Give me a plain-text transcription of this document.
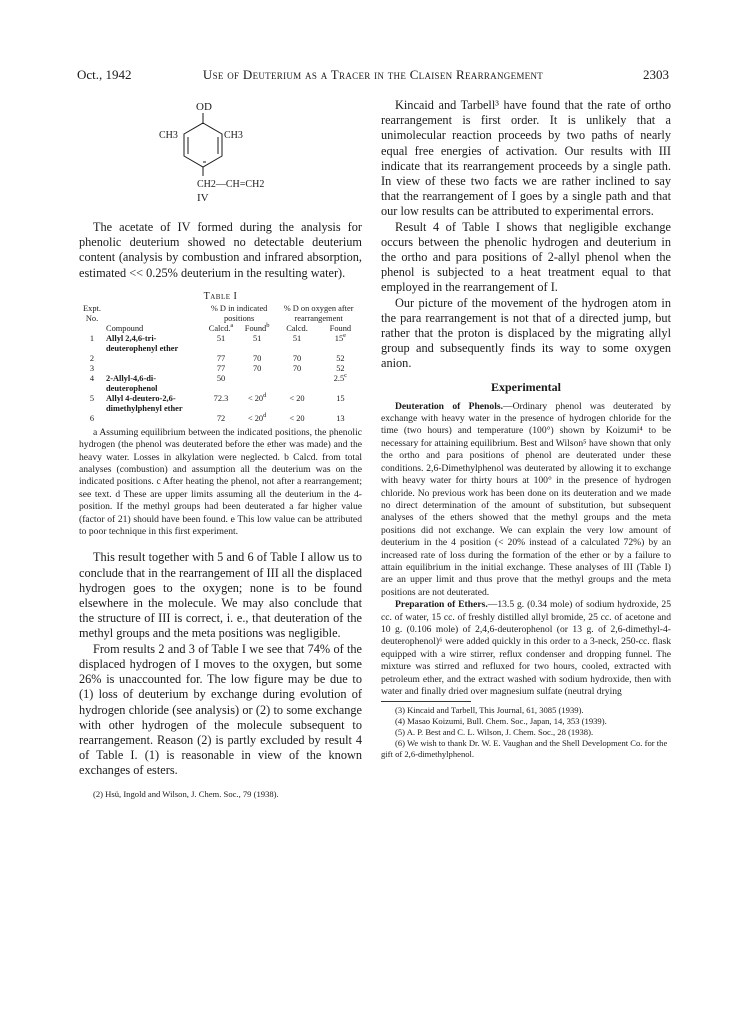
Oct., 1942	Use of Deuterium as a Tracer in the Claisen Rearrangement	2303
OD
CH3	CH3
CH2—CH=CH2
IV

The acetate of IV formed during the analysis for phenolic deuterium showed no detectable deuterium content (analysis by combustion and infrared absorption, estimated << 0.25% deuterium in the resulting water).

Table I
Expt. No.	Compound	% D in indicated positions		% D on oxygen after rearrangement	
		Calcd.$^a$	Found$^b$	Calcd.	Found
1	Allyl 2,4,6-tri-deuterophenyl ether	51	51	51	15e
2		77	70	70	52
3		77	70	70	52
4	2-Allyl-4,6-di-deuterophenol	50			2.5$^c$
5	Allyl 4-deutero-2,6-dimethylphenyl ether	72.3	< $20^d$	< 20	15
6		72	< $20^d$	< 20	13

a Assuming equilibrium between the indicated positions, the phenolic hydrogen (the phenol was deuterated before the ether was made) and the heavy water. Losses in alkylation were neglected. b Calcd. from total analyses (combustion) and assumption all the deuterium was on the indicated positions. c After heating the phenol, not after a rearrangement; see text. d These are upper limits assuming all the deuterium in the 4-position. If the methyl groups had been deuterated a far higher value (factor of 21) should have been found. e This low value can be attributed to poor technique in this first experiment.

This result together with 5 and 6 of Table I allow us to conclude that in the rearrangement of III all the displaced hydrogen goes to the oxygen; none is to be found elsewhere in the molecule. We may also conclude that the structure of III is correct, i. e., that deuteration of the methyl groups and the meta positions was negligible.

From results 2 and 3 of Table I we see that 74% of the displaced hydrogen of I moves to the oxygen, but some 26% is unaccounted for. The low figure may be due to (1) loss of deuterium by exchange during evolution of hydrogen chloride (see analysis) or (2) to some exchange with other hydrogen of the molecule subsequent to rearrangement. Reason (2) is partly excluded by result 4 of Table I. (1) is reasonable in view of the known exchanges of esters.

(2) Hsü, Ingold and Wilson, J. Chem. Soc., 79 (1938).

Kincaid and Tarbell³ have found that the rate of ortho rearrangement is first order. It is unlikely that a unimolecular reaction proceeds by two paths of nearly equal free energies of activation. Our results with III indicate that its rearrangement proceeds by a single path. In view of these two facts we are rather inclined to say that the rearrangement of I goes by a single path and that our low results can be attributed to experimental errors.

Result 4 of Table I shows that negligible exchange occurs between the phenolic hydrogen and deuterium in the ortho and para positions of 2-allyl phenol when the phenol is subjected to a heat treatment equal to that employed in the rearrangement of I.

Our picture of the movement of the hydrogen atom in the para rearrangement is not that of a directed jump, but rather that the proton is displaced by the migrating allyl group and subsequently finds its way to some oxygen anion.

Experimental

Deuteration of Phenols.—Ordinary phenol was deuterated by exchange with heavy water in the presence of hydrogen chloride for the time (two hours) and temperature (100°) shown by Koizumi⁴ to be necessary for attaining equilibrium. Best and Wilson⁵ have shown that only the ortho and para positions of phenol are deuterated under these conditions. 2,6-Dimethylphenol was deuterated by allowing it to exchange with heavy water for thirty hours at 100° in the presence of hydrogen chloride. No previous work has been done on its deuteration and we made no direct determination of the amount of substitution, but subsequent analyses of the ethers showed that the methyl groups and the meta positions did not exchange. We can explain the very low amount of deuterium in the 4 position (< 20% instead of a calculated 72%) by an increased rate of loss during the formation of the ether or by a failure to attain equilibrium in the initial exchange. These analyses of III (Table I) are an upper limit and thus prove that the methyl groups and the meta positions are not deuterated.

Preparation of Ethers.—13.5 g. (0.34 mole) of sodium hydroxide, 25 cc. of water, 15 cc. of freshly distilled allyl bromide, 25 cc. of acetone and 10 g. (0.106 mole) of 2,4,6-deuterophenol (or 13 g. of 2,6-dimethyl-4-deuterophenol)⁶ were added quickly in this order to a 3-neck, 250-cc. flask equipped with a wire stirrer, reflux condenser and dropping funnel. The mixture was stirred and refluxed for two hours, cooled, extracted with petroleum ether, and the extract washed with sodium hydroxide, then with water and finally dried over magnesium sulfate (neutral drying

(3) Kincaid and Tarbell, This Journal, 61, 3085 (1939).

(4) Masao Koizumi, Bull. Chem. Soc., Japan, 14, 353 (1939).

(5) A. P. Best and C. L. Wilson, J. Chem. Soc., 28 (1938).

(6) We wish to thank Dr. W. E. Vaughan and the Shell Development Co. for the gift of 2,6-dimethylphenol.
